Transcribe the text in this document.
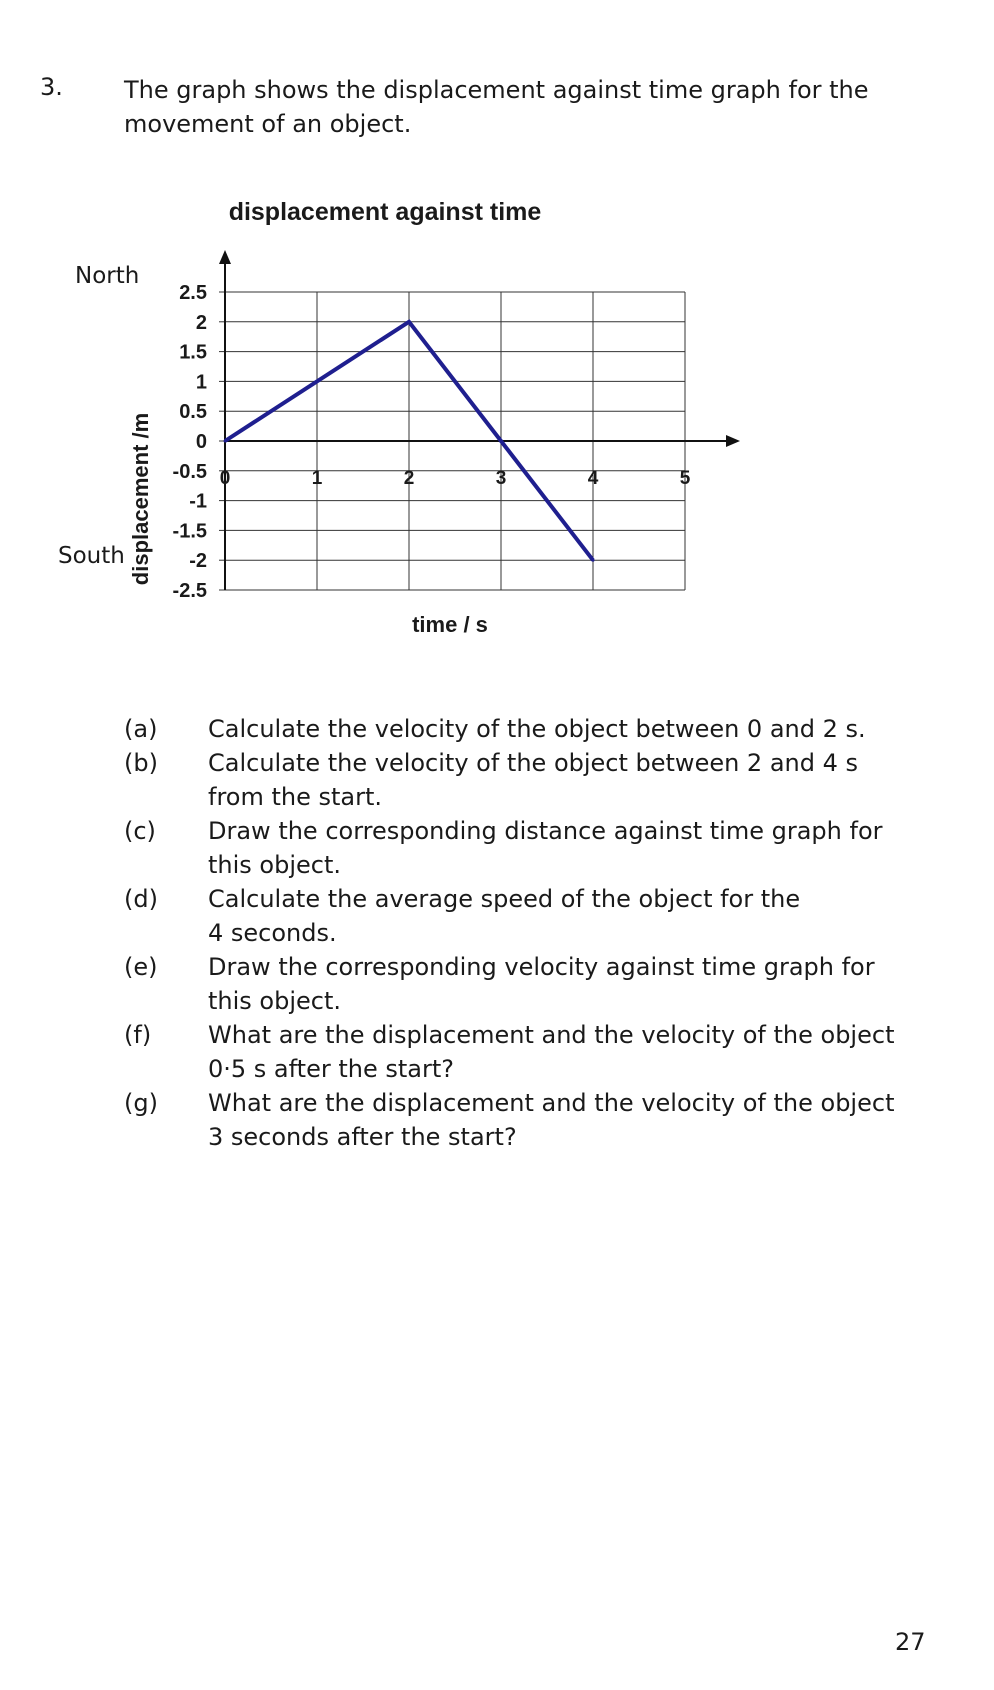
3.	The graph shows the displacement against time graph for the
movement of an object.
displacement against time
North
South displacement /m
time / s
2.5
2
1.5
1
0.5
0
-0.5
-1
-1.5
-2
-2.5
0	1	2	3	4	5
(a)	Calculate the velocity of the object between 0 and 2 s.
(b)	Calculate the velocity of the object between 2 and 4 s
from the start.
(c)	Draw the corresponding distance against time graph for
this object.
(d)	Calculate the average speed of the object for the
4 seconds.
(e)	Draw the corresponding velocity against time graph for
this object.
(f)	What are the displacement and the velocity of the object
0·5 s after the start?
(g)	What are the displacement and the velocity of the object
3 seconds after the start?
27
